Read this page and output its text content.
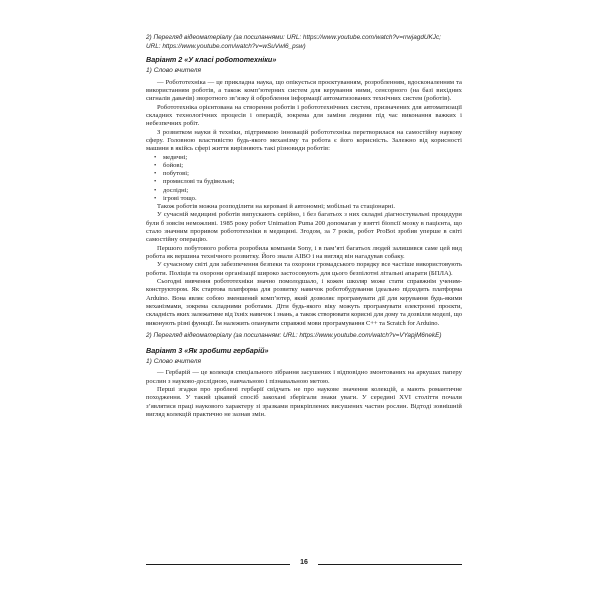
2) Перегляд відеоматеріалу (за посиланнями: URL: https://www.youtube.com/watch?v=rrwjagdUKJc;

URL: https://www.youtube.com/watch?v=wSuVwl6_psw)

Варіант 2 «У класі робототехніки»

1) Слово вчителя

— Робототехніка — це прикладна наука, що опікується проєктуванням, розробленням, вдосконаленням та використанням роботів, а також комп’ютерних систем для керування ними, сенсорного (на базі вихідних сигналів давачів) зворотного зв’язку й оброблення інформації автоматизованих технічних систем (роботів).

Робототехніка орієнтована на створення роботів і робототехнічних систем, призначених для автоматизації складних технологічних процесів і операцій, зокрема для заміни людини під час виконання важких і небезпечних робіт.

З розвитком науки й техніки, підтримкою інновацій робототехніка перетворилася на самостійну наукову сферу. Головною властивістю будь-якого механізму та робота є його корисність. Залежно від корисності машини в якійсь сфері життя вирізняють такі різновиди роботів:

• медичні;
• бойові;
• побутові;
• промислові та будівельні;
• дослідні;
• ігрові тощо.

Також роботів можна розподілити на керовані й автономні; мобільні та стаціонарні.

У сучасній медицині роботів випускають серійно, і без багатьох з них складні діагностувальні процедури були б зовсім неможливі. 1985 року робот Unimation Puma 200 допомагав у взятті біопсії мозку в пацієнта, що стало значним проривом робототехніки в медицині. Згодом, за 7 років, робот ProBot зробив уперше в світі самостійну операцію.

Першого побутового робота розробила компанія Sony, і в пам’яті багатьох людей залишився саме цей вид робота як вершина технічного розвитку. Його звали AIBO і на вигляд він нагадував собаку.

У сучасному світі для забезпечення безпеки та охорони громадського порядку все частіше використовують роботи. Поліція та охорони організації широко застосовують для цього безпілотні літальні апарати (БПЛА).

Сьогодні вивчення робототехніки значно помолодшало, і кожен школяр може стати справжнім ученим-конструктором. Як стартова платформа для розвитку навичок роботобудування ідеально підходить платформа Arduino. Вона являє собою зменшений комп’ютер, який дозволяє програмувати дії для керування будь-якими механізмами, зокрема складними роботами. Діти будь-якого віку можуть програмувати електронні проєкти, складність яких залежатиме від їхніх навичок і знань, а також створювати корисні для дому та дозвілля моделі, що виконують різні функції. Їм належить опанувати справжні мови програмування С++ та Scratch for Arduino.

2) Перегляд відеоматеріалу (за посиланням: URL: https://www.youtube.com/watch?v=VYapjM6nekE)

Варіант 3 «Як зробити гербарій»

1) Слово вчителя

— Гербарій — це колекція спеціального зібрання засушених і відповідно змонтованих на аркушах паперу рослин з науково-дослідною, навчальною і пізнавальною метою.

Перші згадки про зроблені гербарії свідчать не про наукове значення колекцій, а мають романтичне походження. У такий цікавий спосіб закохані зберігали знаки уваги. У середині XVI століття почали з’являтися праці наукового характеру зі зразками прикріплених висушених частин рослин. Відтоді зовнішній вигляд колекцій практично не зазнав змін.

16
